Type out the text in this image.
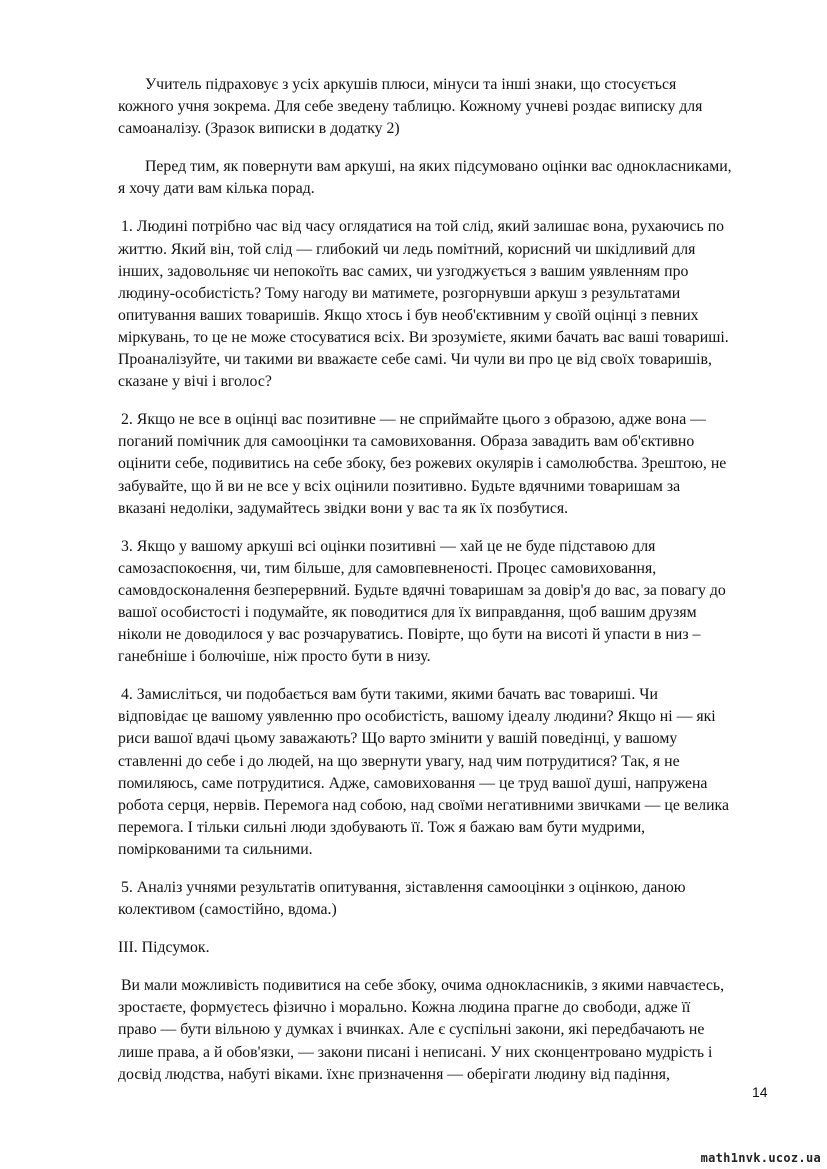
Учитель підраховує з усіх аркушів плюси, мінуси та інші знаки, що стосується
кожного учня зокрема. Для себе зведену таблицю. Кожному учневі роздає виписку для
самоаналізу. (Зразок виписки в додатку 2)
Перед тим, як повернути вам аркуші, на яких підсумовано оцінки вас однокласниками,
я хочу дати вам кілька порад.
1. Людині потрібно час від часу оглядатися на той слід, який залишає вона, рухаючись по
життю. Який він, той слід — глибокий чи ледь помітний, корисний чи шкідливий для
інших, задовольняє чи непокоїть вас самих, чи узгоджується з вашим уявленням про
людину-особистість? Тому нагоду ви матимете, розгорнувши аркуш з результатами
опитування ваших товаришів. Якщо хтось і був необ'єктивним у своїй оцінці з певних
міркувань, то це не може стосуватися всіх. Ви зрозумієте, якими бачать вас ваші товариші.
Проаналізуйте, чи такими ви вважаєте себе самі. Чи чули ви про це від своїх товаришів,
сказане у вічі і вголос?
2. Якщо не все в оцінці вас позитивне — не сприймайте цього з образою, адже вона —
поганий помічник для самооцінки та самовиховання. Образа завадить вам об'єктивно
оцінити себе, подивитись на себе збоку, без рожевих окулярів і самолюбства. Зрештою, не
забувайте, що й ви не все у всіх оцінили позитивно. Будьте вдячними товаришам за
вказані недоліки, задумайтесь звідки вони у вас та як їх позбутися.
3. Якщо у вашому аркуші всі оцінки позитивні — хай це не буде підставою для
самозаспокоєння, чи, тим більше, для самовпевненості. Процес самовиховання,
самовдосконалення безперервний. Будьте вдячні товаришам за довір'я до вас, за повагу до
вашої особистості і подумайте, як поводитися для їх виправдання, щоб вашим друзям
ніколи не доводилося у вас розчаруватись. Повірте, що бути на висоті й упасти в низ –
ганебніше і болючіше, ніж просто бути в низу.
4. Замисліться, чи подобається вам бути такими, якими бачать вас товариші. Чи
відповідає це вашому уявленню про особистість, вашому ідеалу людини? Якщо ні — які
риси вашої вдачі цьому заважають? Що варто змінити у вашій поведінці, у вашому
ставленні до себе і до людей, на що звернути увагу, над чим потрудитися? Так, я не
помиляюсь, саме потрудитися. Адже, самовиховання — це труд вашої душі, напружена
робота серця, нервів. Перемога над собою, над своїми негативними звичками — це велика
перемога. І тільки сильні люди здобувають її. Тож я бажаю вам бути мудрими,
поміркованими та сильними.
5. Аналіз учнями результатів опитування, зіставлення самооцінки з оцінкою, даною
колективом (самостійно, вдома.)
ІІІ. Підсумок.
Ви мали можливість подивитися на себе збоку, очима однокласників, з якими навчаєтесь,
зростаєте, формуєтесь фізично і морально. Кожна людина прагне до свободи, адже її
право — бути вільною у думках і вчинках. Але є суспільні закони, які передбачають не
лише права, а й обов'язки, — закони писані і неписані. У них сконцентровано мудрість і
досвід людства, набуті віками. їхнє призначення — оберігати людину від падіння,
14
math1nvk.ucoz.ua
